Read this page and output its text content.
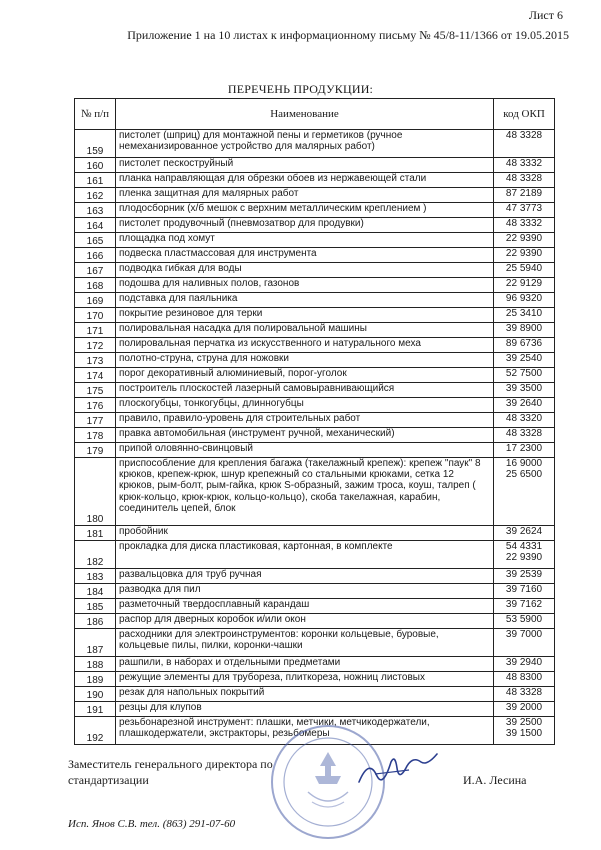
Лист 6
Приложение 1 на 10 листах к информационному письму № 45/8-11/1366 от 19.05.2015
ПЕРЕЧЕНЬ ПРОДУКЦИИ:
№ п/п	Наименование	код ОКП
159	пистолет (шприц) для монтажной пены и герметиков (ручное немеханизированное устройство для малярных работ)	48 3328
160	пистолет пескоструйный	48 3332
161	планка направляющая для обрезки обоев из нержавеющей стали	48 3328
162	пленка защитная для малярных работ	87 2189
163	плодосборник (х/б мешок с верхним металлическим креплением )	47 3773
164	пистолет продувочный (пневмозатвор для продувки)	48 3332
165	площадка под хомут	22 9390
166	подвеска пластмассовая для инструмента	22 9390
167	подводка гибкая для воды	25 5940
168	подошва для наливных полов, газонов	22 9129
169	подставка для паяльника	96 9320
170	покрытие резиновое для терки	25 3410
171	полировальная насадка для полировальной машины	39 8900
172	полировальная перчатка из искусственного и натурального меха	89 6736
173	полотно-струна, струна для ножовки	39 2540
174	порог декоративный алюминиевый, порог-уголок	52 7500
175	построитель плоскостей лазерный самовыравнивающийся	39 3500
176	плоскогубцы, тонкогубцы, длинногубцы	39 2640
177	правило, правило-уровень для строительных работ	48 3320
178	правка автомобильная (инструмент ручной, механический)	48 3328
179	припой оловянно-свинцовый	17 2300
180	приспособление для крепления багажа (такелажный крепеж): крепеж "паук" 8 крюков, крепеж-крюк, шнур крепежный со стальными крюками, сетка 12 крюков, рым-болт, рым-гайка, крюк S-образный, зажим троса, коуш, талреп ( крюк-кольцо, крюк-крюк, кольцо-кольцо), скоба такелажная, карабин, соединитель цепей, блок	16 9000
25 6500
181	пробойник	39 2624
182	прокладка для диска пластиковая, картонная, в комплекте	54 4331
22 9390
183	развальцовка для труб ручная	39 2539
184	разводка для пил	39 7160
185	разметочный твердосплавный карандаш	39 7162
186	распор для дверных коробок и/или окон	53 5900
187	расходники для электроинструментов: коронки кольцевые, буровые, кольцевые пилы, пилки, коронки-чашки	39 7000
188	рашпили, в наборах и отдельными предметами	39 2940
189	режущие элементы для труборезa, плиткореза, ножниц листовых	48 8300
190	резак для напольных покрытий	48 3328
191	резцы для клупов	39 2000
192	резьбонарезной инструмент: плашки, метчики, метчикодержатели, плашкодержатели, экстракторы, резьбомеры	39 2500
39 1500
Заместитель генерального директора по стандартизации	И.А. Лесина
Исп. Янов С.В. тел. (863) 291-07-60
